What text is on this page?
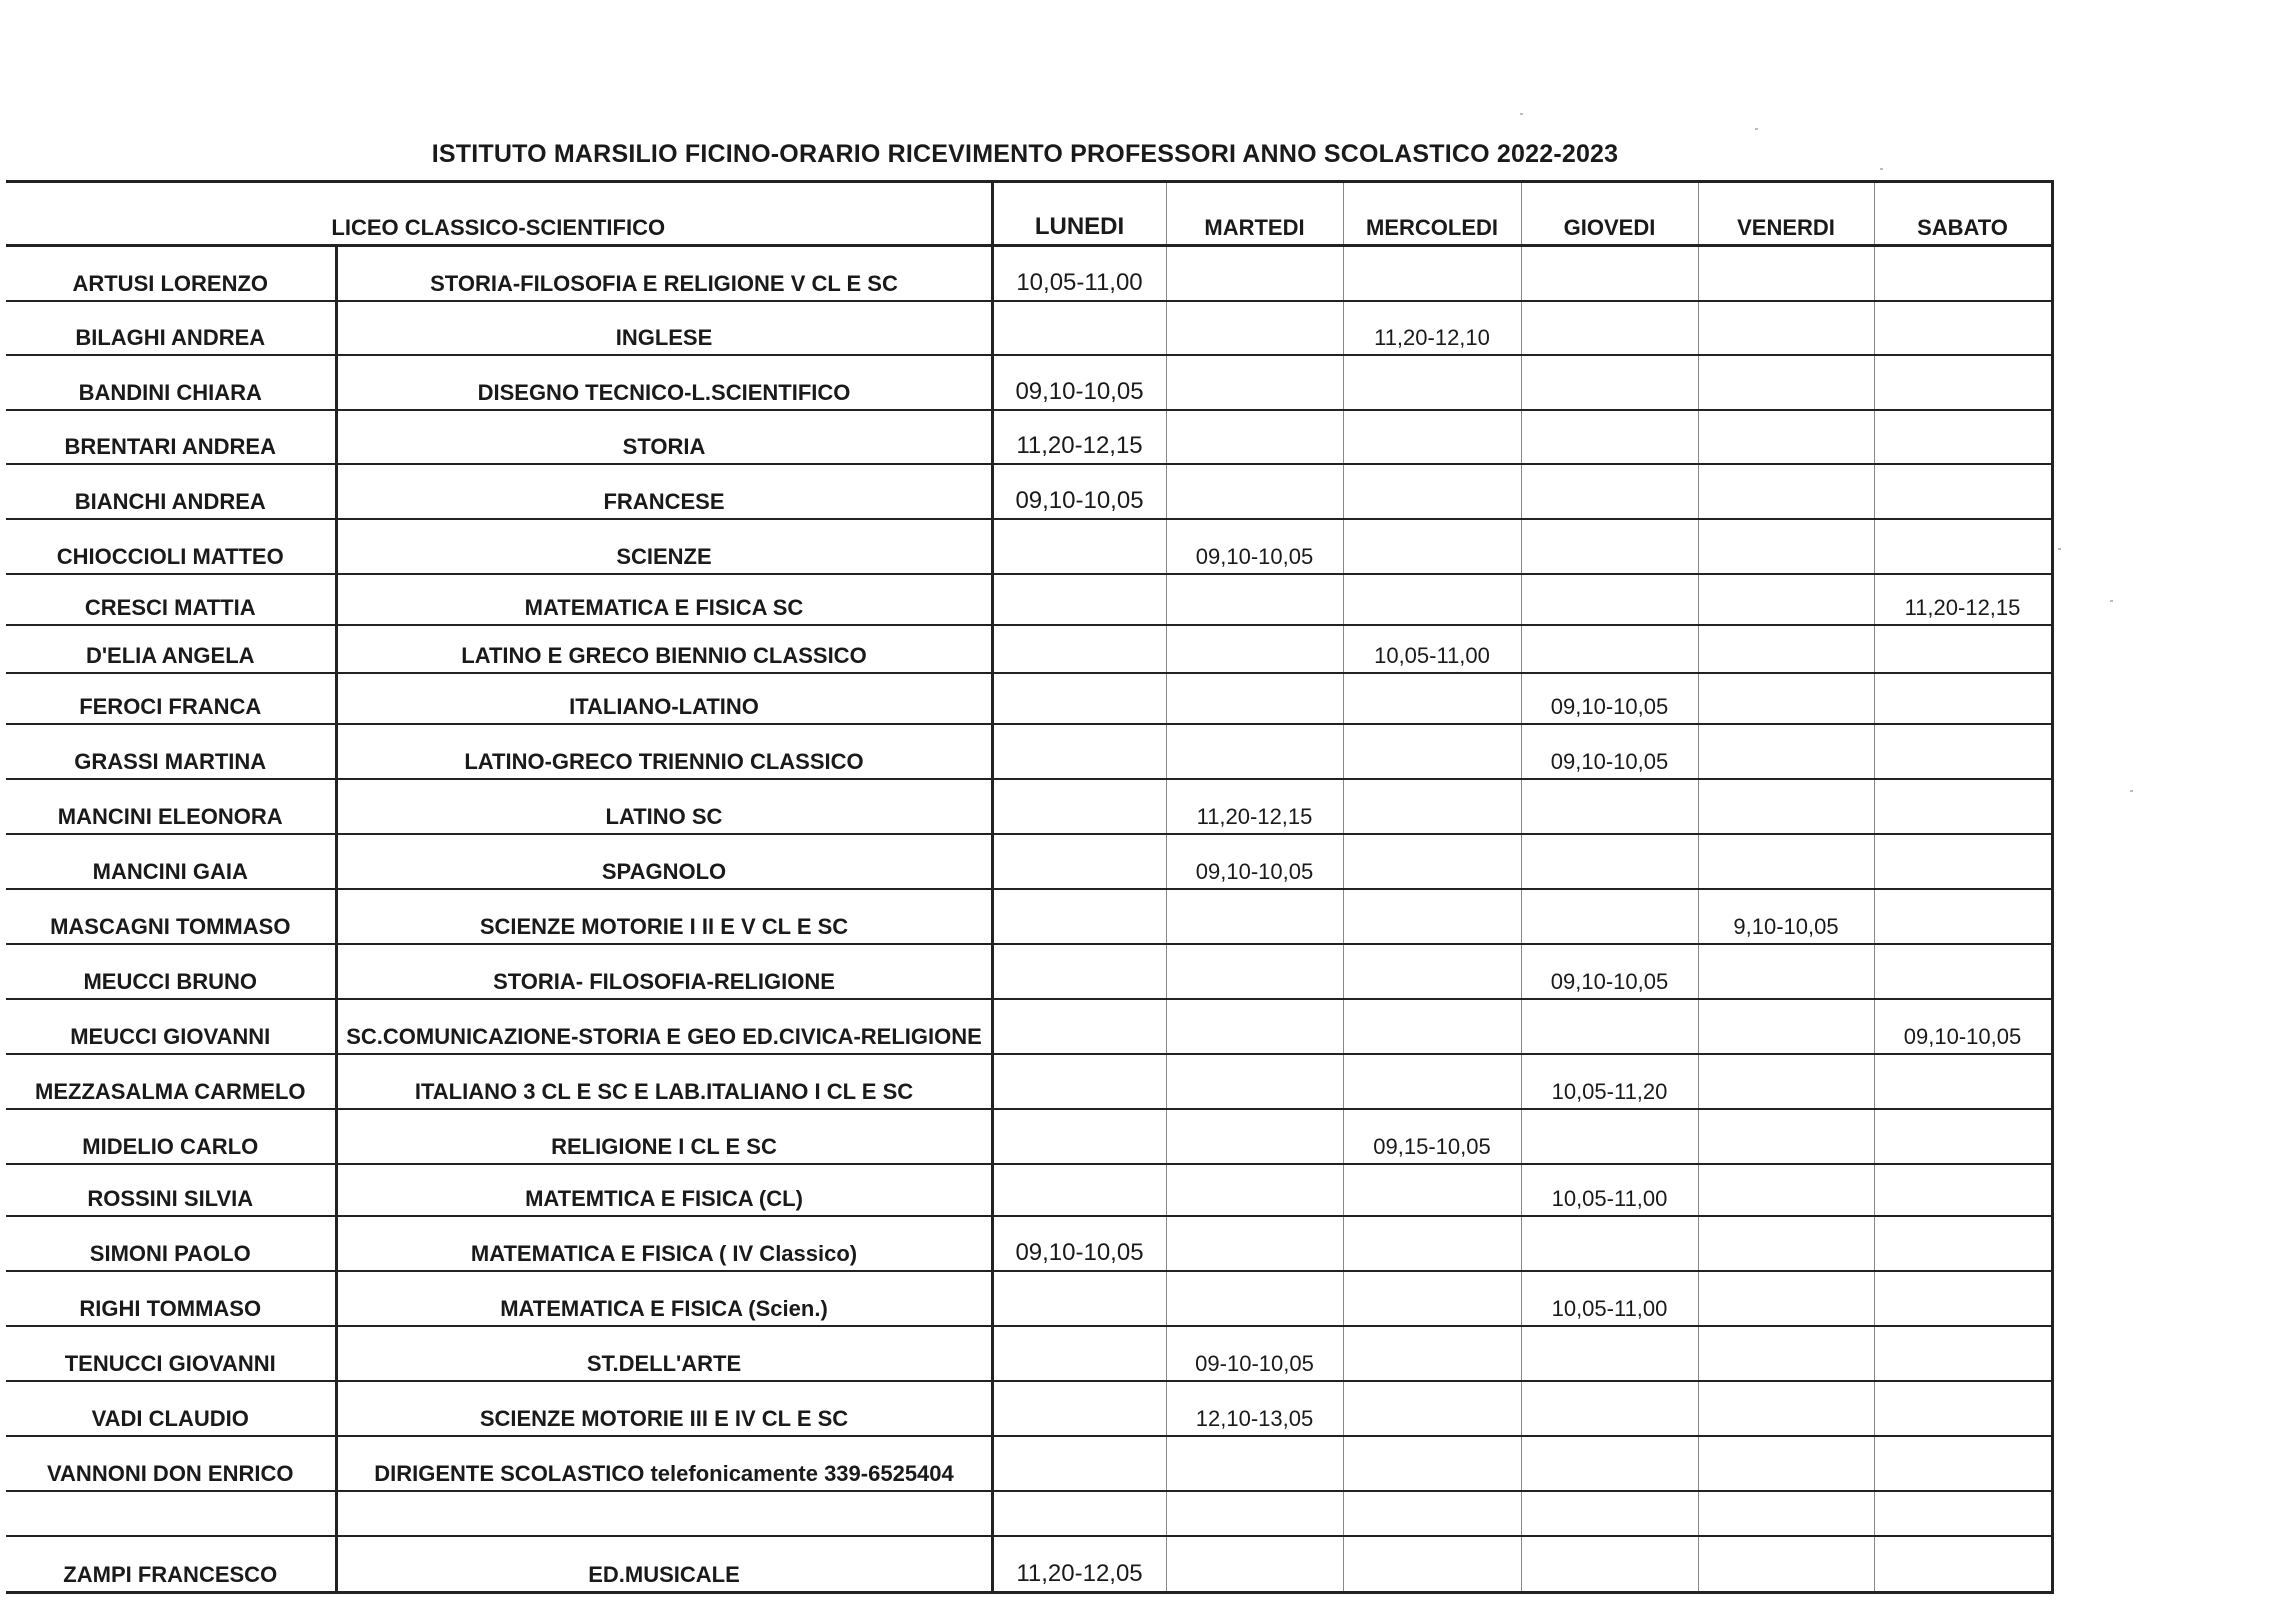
ISTITUTO MARSILIO FICINO-ORARIO RICEVIMENTO PROFESSORI ANNO SCOLASTICO 2022-2023
LICEO CLASSICO-SCIENTIFICO		LUNEDI	MARTEDI	MERCOLEDI	GIOVEDI	VENERDI	SABATO
ARTUSI LORENZO	STORIA-FILOSOFIA E RELIGIONE V CL E SC	10,05-11,00					
BILAGHI ANDREA	INGLESE			11,20-12,10			
BANDINI CHIARA	DISEGNO TECNICO-L.SCIENTIFICO	09,10-10,05					
BRENTARI ANDREA	STORIA	11,20-12,15					
BIANCHI ANDREA	FRANCESE	09,10-10,05					
CHIOCCIOLI MATTEO	SCIENZE		09,10-10,05				
CRESCI MATTIA	MATEMATICA E FISICA SC						11,20-12,15
D'ELIA ANGELA	LATINO E GRECO BIENNIO CLASSICO			10,05-11,00			
FEROCI FRANCA	ITALIANO-LATINO				09,10-10,05		
GRASSI MARTINA	LATINO-GRECO TRIENNIO CLASSICO				09,10-10,05		
MANCINI ELEONORA	LATINO SC		11,20-12,15				
MANCINI GAIA	SPAGNOLO		09,10-10,05				
MASCAGNI TOMMASO	SCIENZE MOTORIE I II E V CL E SC					9,10-10,05	
MEUCCI BRUNO	STORIA- FILOSOFIA-RELIGIONE				09,10-10,05		
MEUCCI GIOVANNI	SC.COMUNICAZIONE-STORIA E GEO ED.CIVICA-RELIGIONE						09,10-10,05
MEZZASALMA CARMELO	ITALIANO 3 CL E SC E LAB.ITALIANO I CL E SC				10,05-11,20		
MIDELIO CARLO	RELIGIONE I CL E SC			09,15-10,05			
ROSSINI SILVIA	MATEMTICA E FISICA (CL)				10,05-11,00		
SIMONI PAOLO	MATEMATICA E FISICA ( IV Classico)	09,10-10,05					
RIGHI TOMMASO	MATEMATICA E FISICA (Scien.)				10,05-11,00		
TENUCCI GIOVANNI	ST.DELL'ARTE		09-10-10,05				
VADI CLAUDIO	SCIENZE MOTORIE III E IV CL E SC		12,10-13,05				
VANNONI DON ENRICO	DIRIGENTE SCOLASTICO telefonicamente 339-6525404						

ZAMPI FRANCESCO	ED.MUSICALE	11,20-12,05					
